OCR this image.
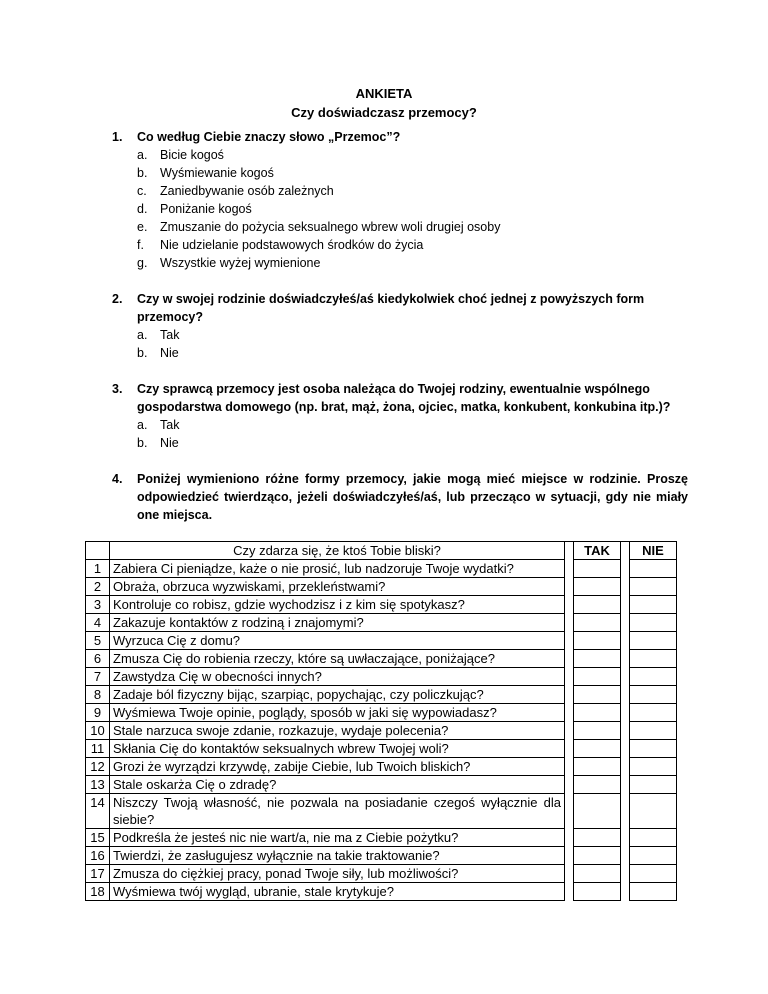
ANKIETA
Czy doświadczasz przemocy?
1. Co według Ciebie znaczy słowo „Przemoc”?
a. Bicie kogoś
b. Wyśmiewanie kogoś
c. Zaniedbywanie osób zależnych
d. Poniżanie kogoś
e. Zmuszanie do pożycia seksualnego wbrew woli drugiej osoby
f. Nie udzielanie podstawowych środków do życia
g. Wszystkie wyżej wymienione
2. Czy w swojej rodzinie doświadczyłeś/aś kiedykolwiek choć jednej z powyższych form przemocy?
a. Tak
b. Nie
3. Czy sprawcą przemocy jest osoba należąca do Twojej rodziny, ewentualnie wspólnego gospodarstwa domowego (np. brat, mąż, żona, ojciec, matka, konkubent, konkubina itp.)?
a. Tak
b. Nie
4. Poniżej wymieniono różne formy przemocy, jakie mogą mieć miejsce w rodzinie. Proszę odpowiedzieć twierdząco, jeżeli doświadczyłeś/aś, lub przecząco w sytuacji, gdy nie miały one miejsca.
	Czy zdarza się, że ktoś Tobie bliski?		TAK		NIE
1	Zabiera Ci pieniądze, każe o nie prosić, lub nadzoruje Twoje wydatki?				
2	Obraża, obrzuca wyzwiskami, przekleństwami?				
3	Kontroluje co robisz, gdzie wychodzisz i z kim się spotykasz?				
4	Zakazuje kontaktów z rodziną i znajomymi?				
5	Wyrzuca Cię z domu?				
6	Zmusza Cię do robienia rzeczy, które są uwłaczające, poniżające?				
7	Zawstydza Cię w obecności innych?				
8	Zadaje ból fizyczny bijąc, szarpiąc, popychając, czy policzkując?				
9	Wyśmiewa Twoje opinie, poglądy, sposób w jaki się wypowiadasz?				
10	Stale narzuca swoje zdanie, rozkazuje, wydaje polecenia?				
11	Skłania Cię do kontaktów seksualnych wbrew Twojej woli?				
12	Grozi że wyrządzi krzywdę, zabije Ciebie, lub Twoich bliskich?				
13	Stale oskarża Cię o zdradę?				
14	Niszczy Twoją własność, nie pozwala na posiadanie czegoś wyłącznie dla siebie?				
15	Podkreśla że jesteś nic nie wart/a, nie ma z Ciebie pożytku?				
16	Twierdzi, że zasługujesz wyłącznie na takie traktowanie?				
17	Zmusza do ciężkiej pracy, ponad Twoje siły, lub możliwości?				
18	Wyśmiewa twój wygląd, ubranie, stale krytykuje?				
